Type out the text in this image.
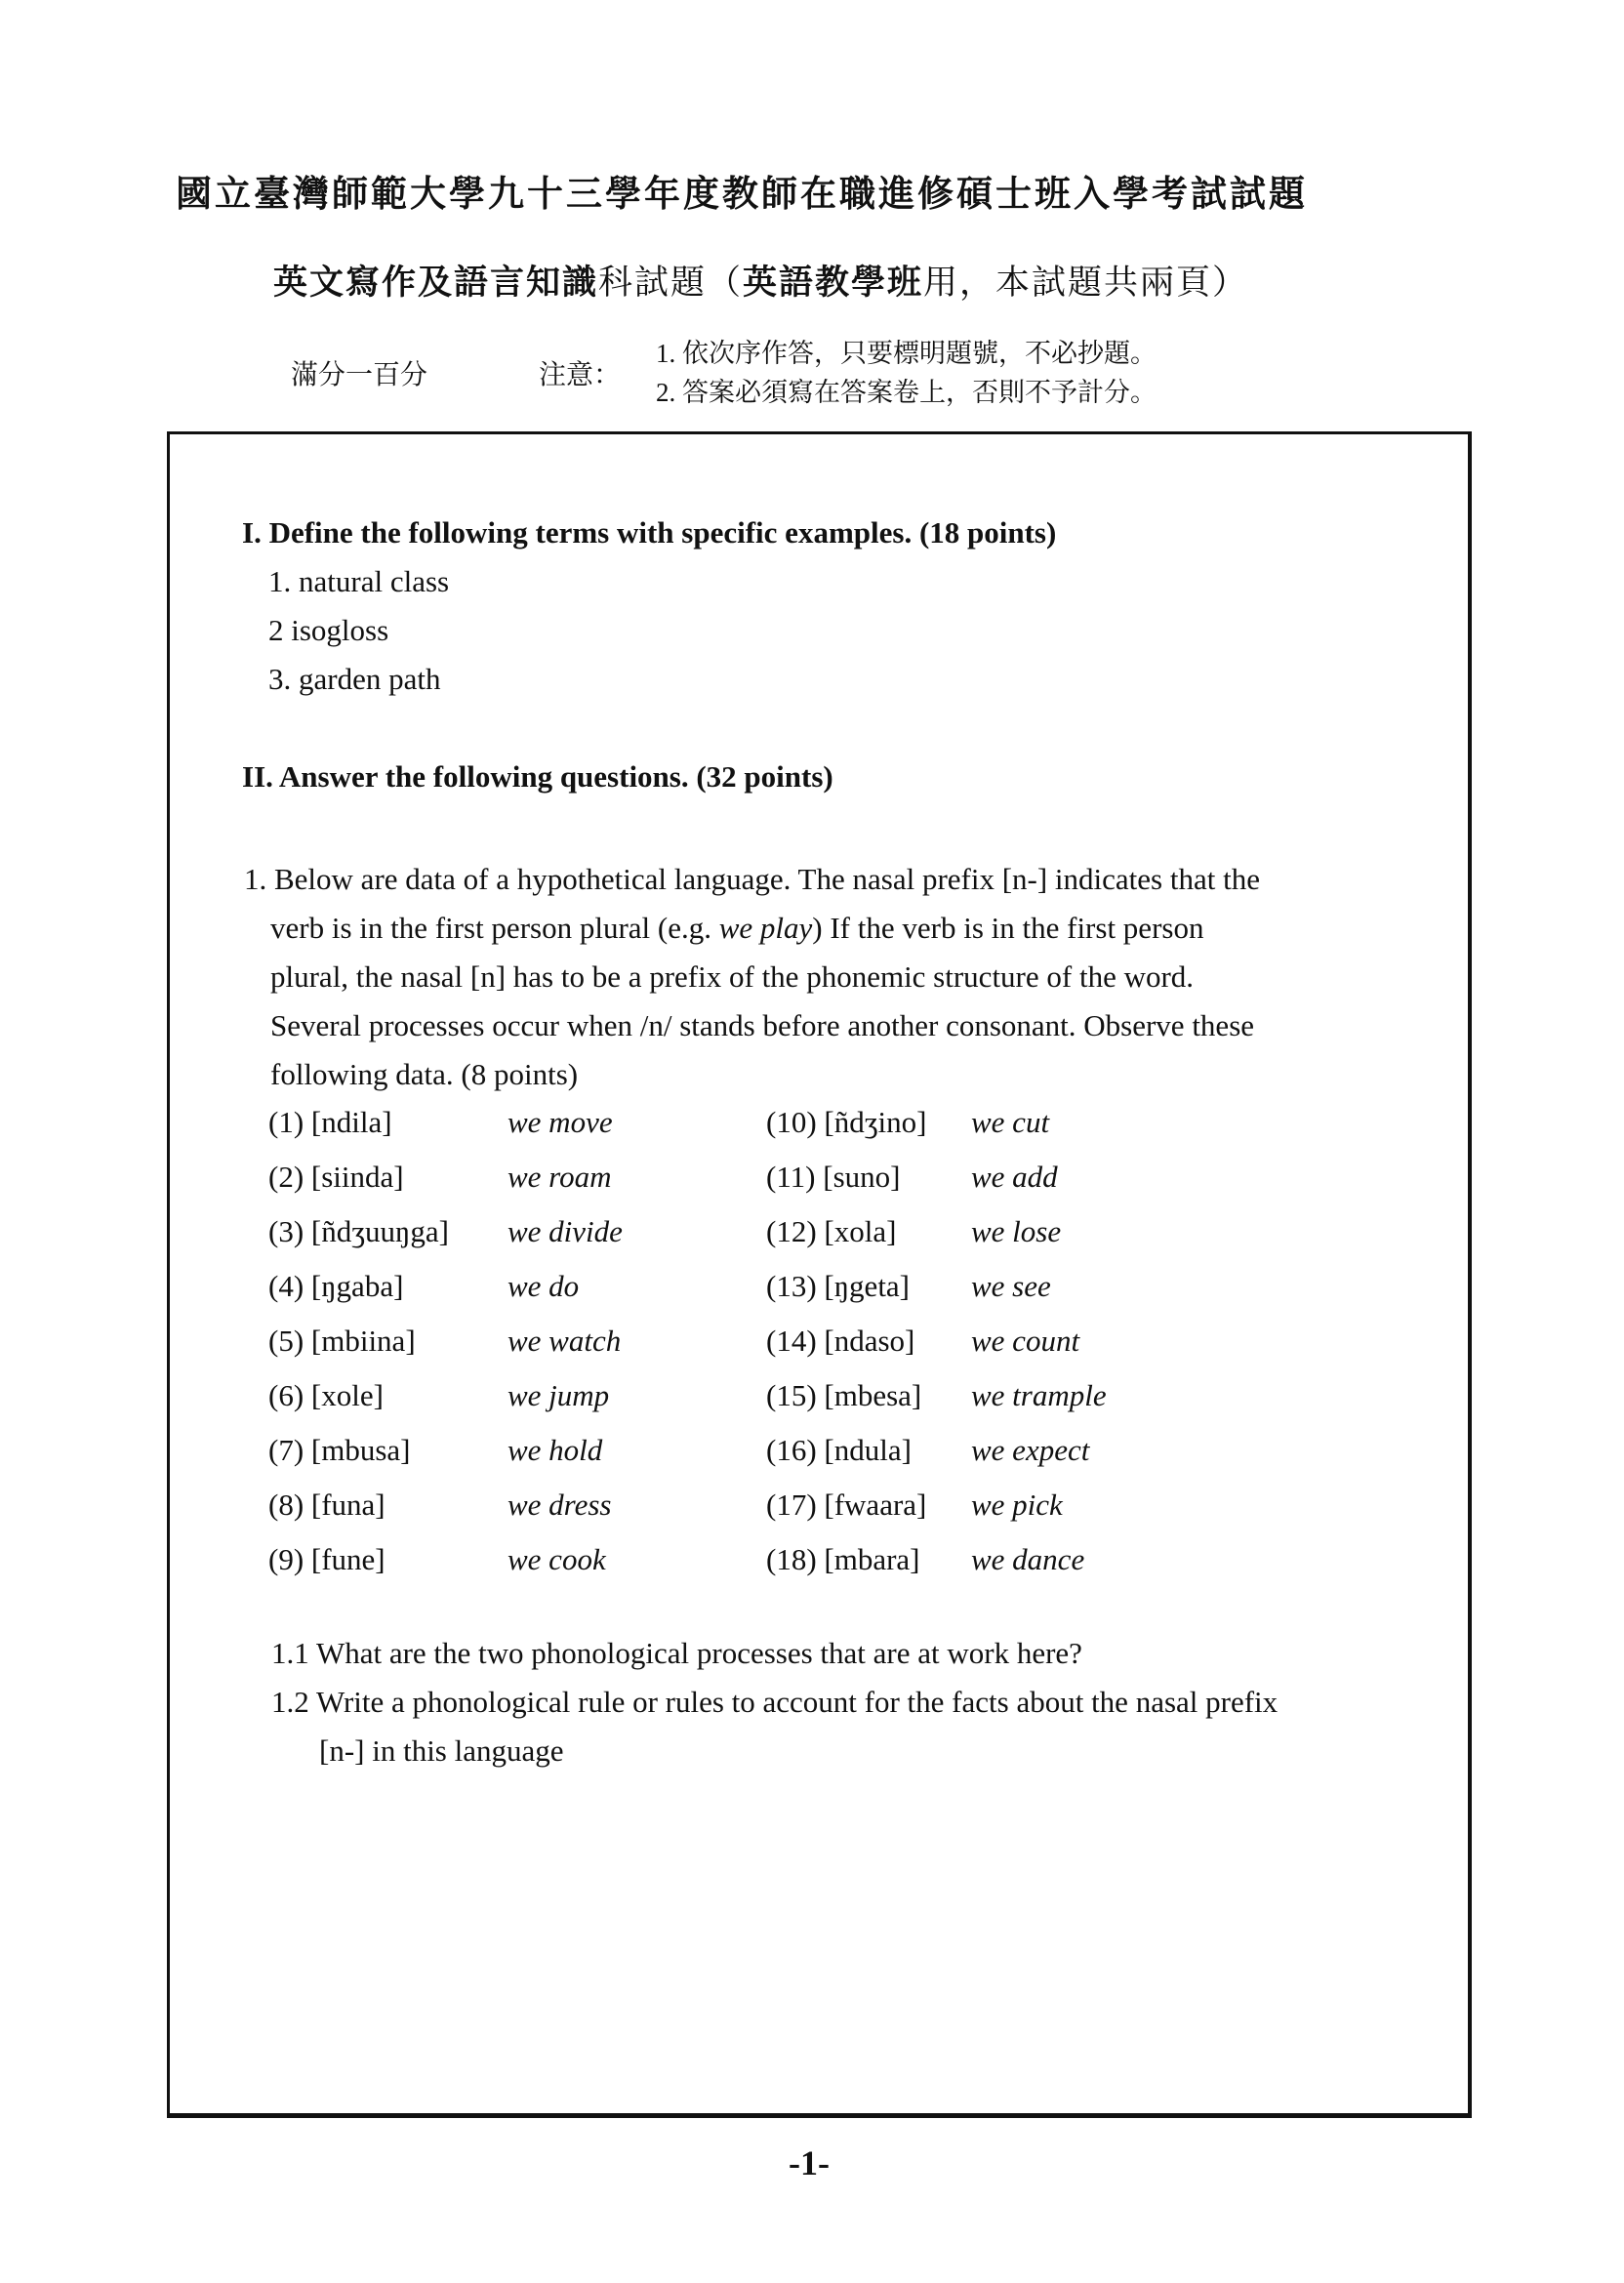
國立臺灣師範大學九十三學年度教師在職進修碩士班入學考試試題
英文寫作及語言知識科試題（英語教學班用，本試題共兩頁）
滿分一百分	注意：
1. 依次序作答，只要標明題號，不必抄題。
2. 答案必須寫在答案卷上，否則不予計分。
I. Define the following terms with specific examples. (18 points)
1. natural class
2 isogloss
3. garden path
II. Answer the following questions. (32 points)
1. Below are data of a hypothetical language. The nasal prefix [n-] indicates that the
verb is in the first person plural (e.g. we play) If the verb is in the first person
plural, the nasal [n] has to be a prefix of the phonemic structure of the word.
Several processes occur when /n/ stands before another consonant. Observe these
following data. (8 points)
(1) [ndila]	we move	(10) [ñdʒino] we cut
(2) [siinda]	we roam	(11) [suno] we add
(3) [ñdʒuuŋga] we divide	(12) [xola] we lose
(4) [ŋgaba]	we do	(13) [ŋgeta] we see
(5) [mbiina]	we watch	(14) [ndaso] we count
(6) [xole]	we jump	(15) [mbesa] we trample
(7) [mbusa]	we hold	(16) [ndula] we expect
(8) [funa]	we dress	(17) [fwaara] we pick
(9) [fune]	we cook	(18) [mbara] we dance
1.1 What are the two phonological processes that are at work here?
1.2 Write a phonological rule or rules to account for the facts about the nasal prefix
[n-] in this language
-1-
